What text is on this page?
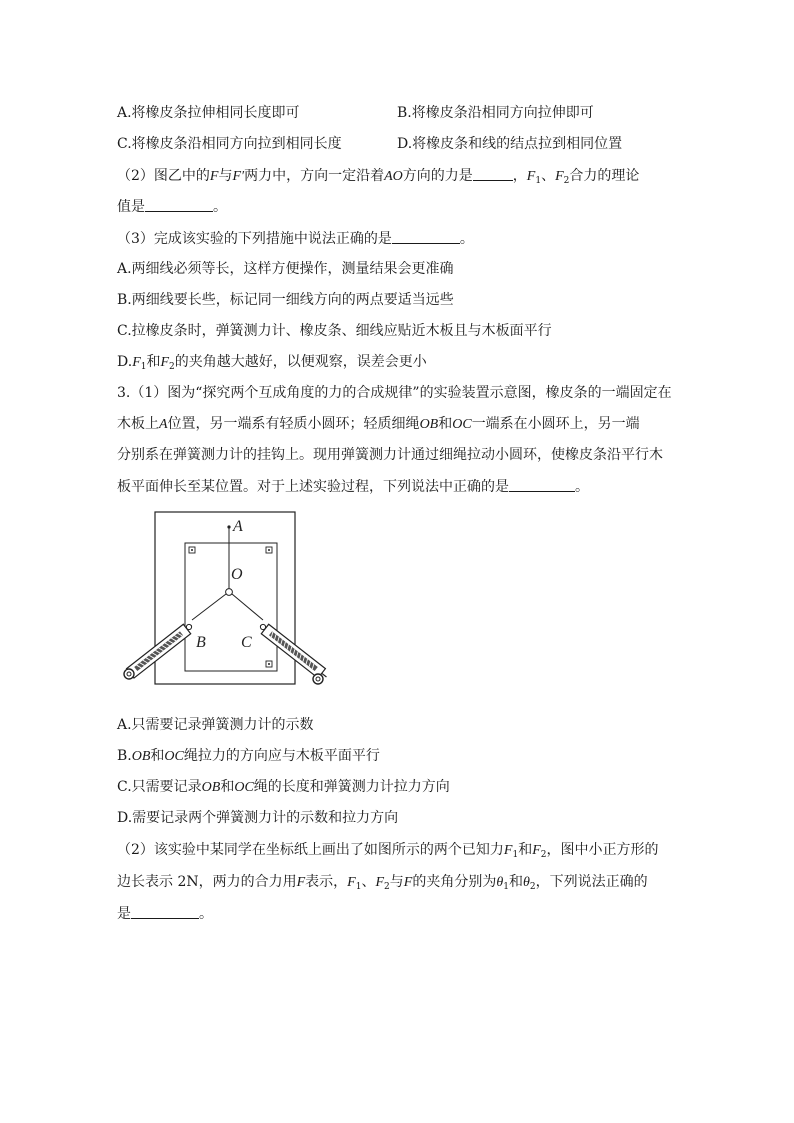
A.将橡皮条拉伸相同长度即可	B.将橡皮条沿相同方向拉伸即可
C.将橡皮条沿相同方向拉到相同长度	D.将橡皮条和线的结点拉到相同位置
（2）图乙中的F与F′两力中，方向一定沿着AO方向的力是	，$F_1$、$F_2$合力的理论
值是	。
（3）完成该实验的下列措施中说法正确的是	。
A.两细线必须等长，这样方便操作，测量结果会更准确
B.两细线要长些，标记同一细线方向的两点要适当远些
C.拉橡皮条时，弹簧测力计、橡皮条、细线应贴近木板且与木板面平行
$D.F_1$和$F_2$的夹角越大越好，以便观察，误差会更小
3.（1）图为“探究两个互成角度的力的合成规律”的实验装置示意图，橡皮条的一端固定在
木板上A位置，另一端系有轻质小圆环；轻质细绳OB和OC一端系在小圆环上，另一端
分别系在弹簧测力计的挂钩上。现用弹簧测力计通过细绳拉动小圆环，使橡皮条沿平行木
板平面伸长至某位置。对于上述实验过程，下列说法中正确的是	。
A
O
B C
A.只需要记录弹簧测力计的示数
B.OB和OC绳拉力的方向应与木板平面平行
C.只需要记录OB和OC绳的长度和弹簧测力计拉力方向
D.需要记录两个弹簧测力计的示数和拉力方向
（2）该实验中某同学在坐标纸上画出了如图所示的两个已知力$F_1$和$F_2$，图中小正方形的
边长表示 2N，两力的合力用F表示，$F_1$、$F_2$与F的夹角分别为$\theta_1$和$\theta_2$，下列说法正确的
是	。
